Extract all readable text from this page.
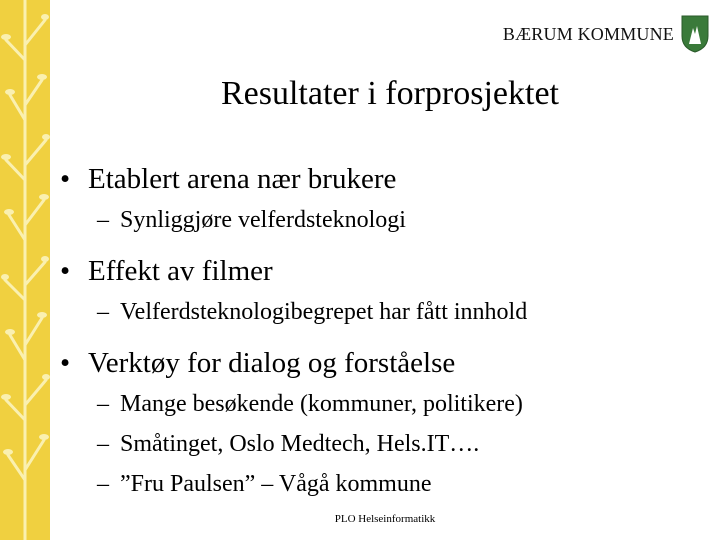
BÆRUM KOMMUNE
Resultater i forprosjektet
• Etablert arena nær brukere
– Synliggjøre velferdsteknologi
• Effekt av filmer
– Velferdsteknologibegrepet har fått innhold
• Verktøy for dialog og forståelse
– Mange besøkende (kommuner, politikere)
– Småtinget, Oslo Medtech, Hels.IT….
– ”Fru Paulsen” – Vågå kommune
PLO Helseinformatikk
